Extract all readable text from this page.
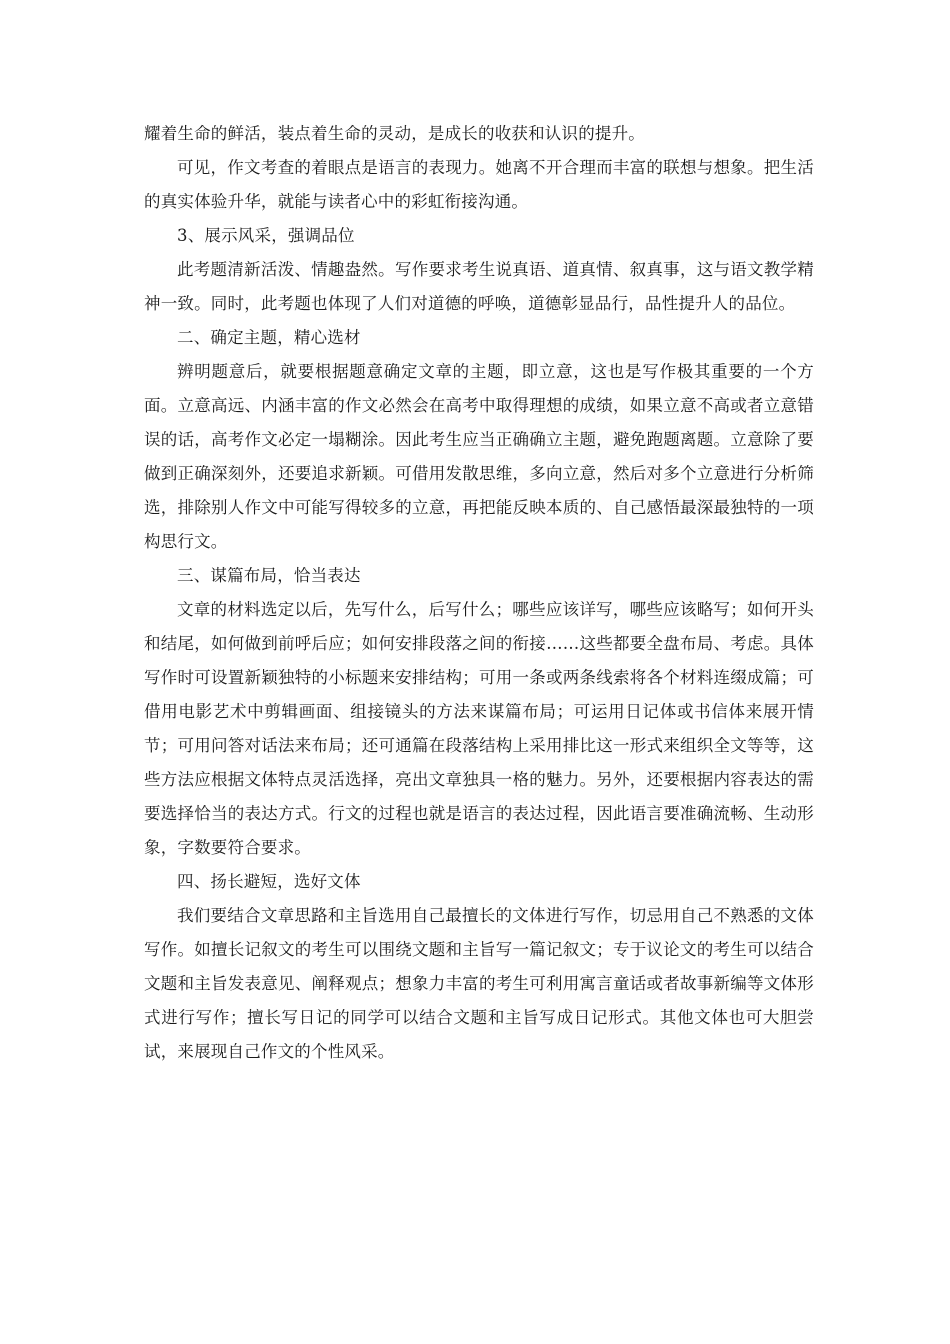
耀着生命的鲜活，装点着生命的灵动，是成长的收获和认识的提升。

可见，作文考查的着眼点是语言的表现力。她离不开合理而丰富的联想与想象。把生活的真实体验升华，就能与读者心中的彩虹衔接沟通。

3、展示风采，强调品位

此考题清新活泼、情趣盎然。写作要求考生说真语、道真情、叙真事，这与语文教学精神一致。同时，此考题也体现了人们对道德的呼唤，道德彰显品行，品性提升人的品位。

二、确定主题，精心选材

辨明题意后，就要根据题意确定文章的主题，即立意，这也是写作极其重要的一个方面。立意高远、内涵丰富的作文必然会在高考中取得理想的成绩，如果立意不高或者立意错误的话，高考作文必定一塌糊涂。因此考生应当正确确立主题，避免跑题离题。立意除了要做到正确深刻外，还要追求新颖。可借用发散思维，多向立意，然后对多个立意进行分析筛选，排除别人作文中可能写得较多的立意，再把能反映本质的、自己感悟最深最独特的一项构思行文。

三、谋篇布局，恰当表达

文章的材料选定以后，先写什么，后写什么；哪些应该详写，哪些应该略写；如何开头和结尾，如何做到前呼后应；如何安排段落之间的衔接……这些都要全盘布局、考虑。具体写作时可设置新颖独特的小标题来安排结构；可用一条或两条线索将各个材料连缀成篇；可借用电影艺术中剪辑画面、组接镜头的方法来谋篇布局；可运用日记体或书信体来展开情节；可用问答对话法来布局；还可通篇在段落结构上采用排比这一形式来组织全文等等，这些方法应根据文体特点灵活选择，亮出文章独具一格的魅力。另外，还要根据内容表达的需要选择恰当的表达方式。行文的过程也就是语言的表达过程，因此语言要准确流畅、生动形象，字数要符合要求。

四、扬长避短，选好文体

我们要结合文章思路和主旨选用自己最擅长的文体进行写作，切忌用自己不熟悉的文体写作。如擅长记叙文的考生可以围绕文题和主旨写一篇记叙文；专于议论文的考生可以结合文题和主旨发表意见、阐释观点；想象力丰富的考生可利用寓言童话或者故事新编等文体形式进行写作；擅长写日记的同学可以结合文题和主旨写成日记形式。其他文体也可大胆尝试，来展现自己作文的个性风采。
